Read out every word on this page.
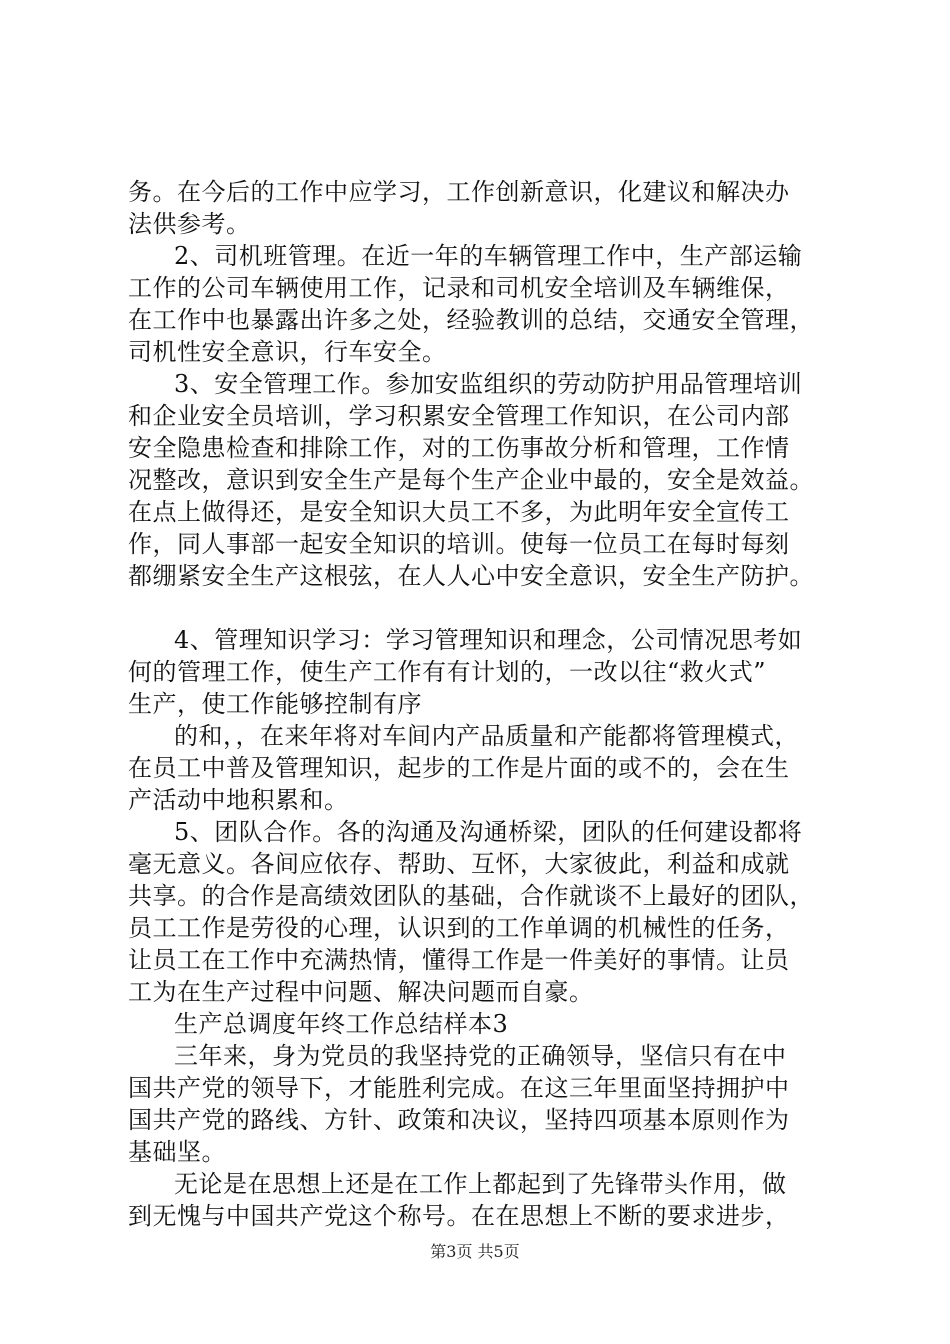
务。在今后的工作中应学习，工作创新意识，化建议和解决办
法供参考。
2、司机班管理。在近一年的车辆管理工作中，生产部运输
工作的公司车辆使用工作，记录和司机安全培训及车辆维保，
在工作中也暴露出许多之处，经验教训的总结，交通安全管理，
司机性安全意识，行车安全。
3、安全管理工作。参加安监组织的劳动防护用品管理培训
和企业安全员培训，学习积累安全管理工作知识，在公司内部
安全隐患检查和排除工作，对的工伤事故分析和管理，工作情
况整改，意识到安全生产是每个生产企业中最的，安全是效益。
在点上做得还，是安全知识大员工不多，为此明年安全宣传工
作，同人事部一起安全知识的培训。使每一位员工在每时每刻
都绷紧安全生产这根弦，在人人心中安全意识，安全生产防护。
4、管理知识学习：学习管理知识和理念，公司情况思考如
何的管理工作，使生产工作有有计划的，一改以往“救火式”
生产，使工作能够控制有序
的和，，在来年将对车间内产品质量和产能都将管理模式，
在员工中普及管理知识，起步的工作是片面的或不的，会在生
产活动中地积累和。
5、团队合作。各的沟通及沟通桥梁，团队的任何建设都将
毫无意义。各间应依存、帮助、互怀，大家彼此，利益和成就
共享。的合作是高绩效团队的基础，合作就谈不上最好的团队，
员工工作是劳役的心理，认识到的工作单调的机械性的任务，
让员工在工作中充满热情，懂得工作是一件美好的事情。让员
工为在生产过程中问题、解决问题而自豪。
生产总调度年终工作总结样本3
三年来，身为党员的我坚持党的正确领导，坚信只有在中
国共产党的领导下，才能胜利完成。在这三年里面坚持拥护中
国共产党的路线、方针、政策和决议，坚持四项基本原则作为
基础坚。
无论是在思想上还是在工作上都起到了先锋带头作用，做
到无愧与中国共产党这个称号。在在思想上不断的要求进步，
第3页 共5页
